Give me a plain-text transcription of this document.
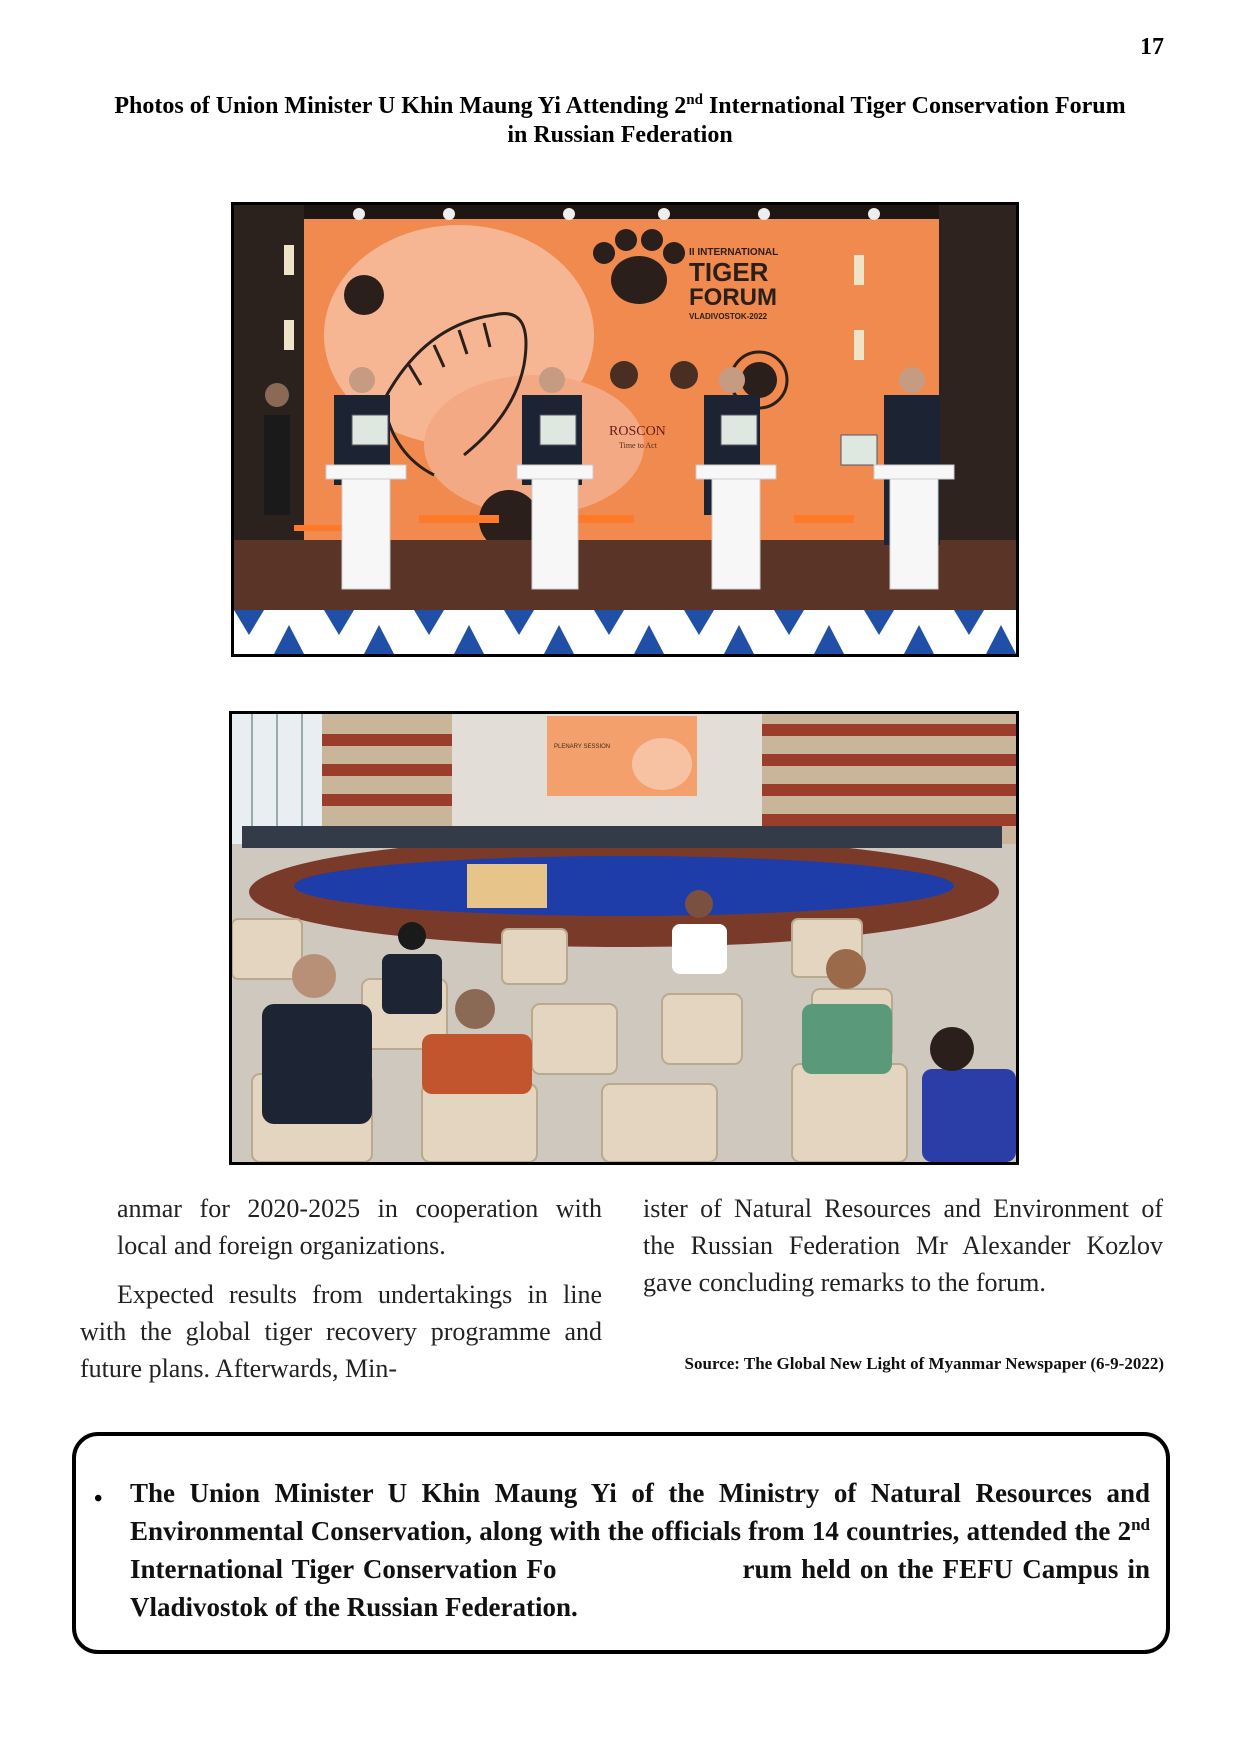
17
Photos of Union Minister U Khin Maung Yi Attending 2nd International Tiger Conservation Forum
in Russian Federation
II INTERNATIONAL
TIGER
FORUM
VLADIVOSTOK-2022
ROSCON
Time to Act
PLENARY SESSION

anmar for 2020-2025 in cooperation with local and foreign organizations.

Expected results from undertakings in line with the global tiger recovery programme and future plans. Afterwards, Min-

ister of Natural Resources and Environment of the Russian Federation Mr Alexander Kozlov gave concluding remarks to the forum.

Source: The Global New Light of Myanmar Newspaper (6-9-2022)
• The Union Minister U Khin Maung Yi of the Ministry of Natural Resources and Environmental Conservation, along with the officials from 14 countries, attended the 2nd International Tiger Conservation Fo	rum held on the FEFU Campus in Vladivostok of the Russian Federation.
